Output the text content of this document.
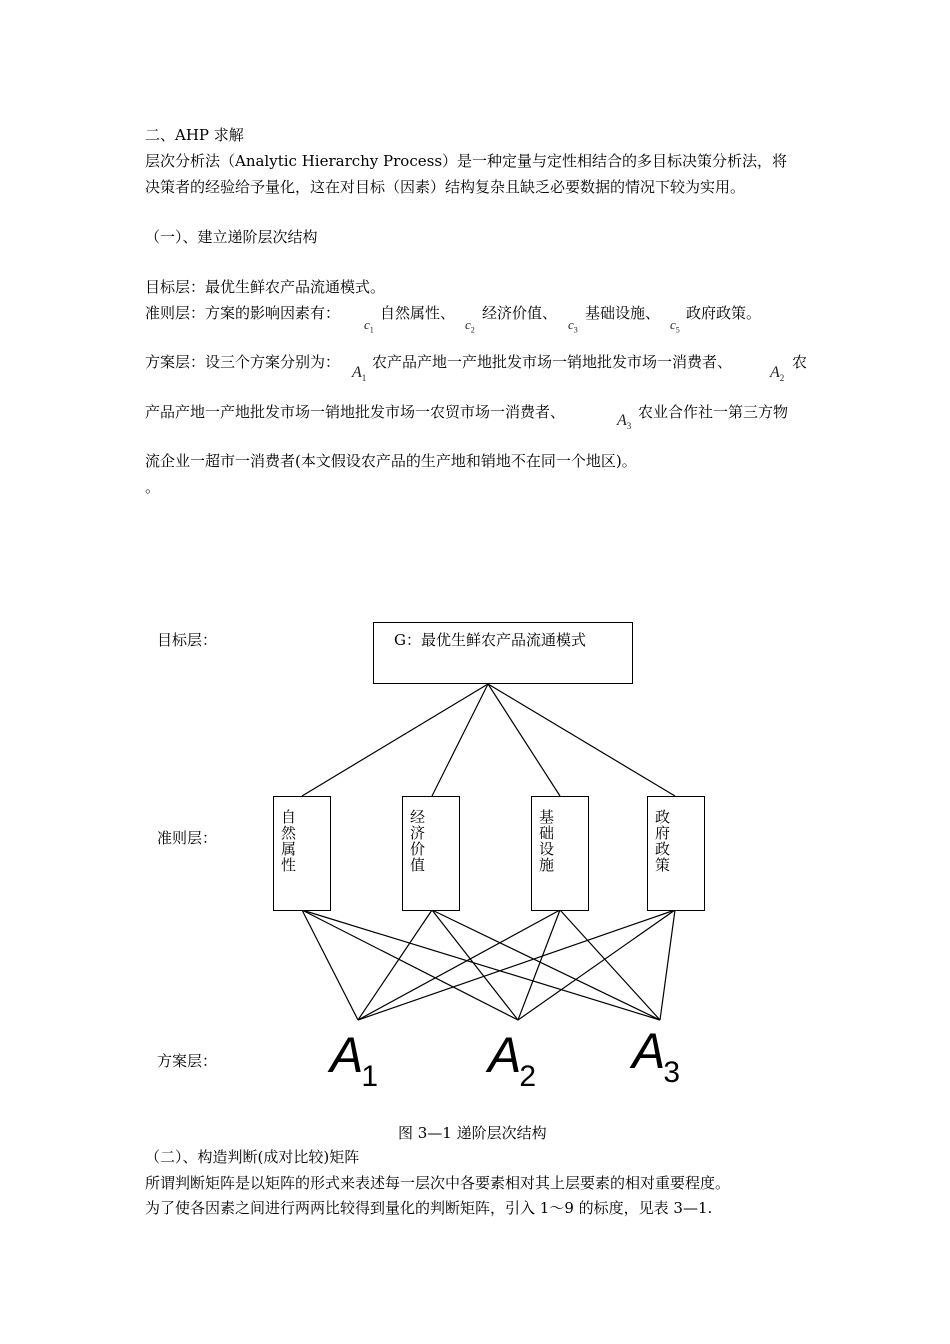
二、AHP 求解
层次分析法（Analytic Hierarchy Process）是一种定量与定性相结合的多目标决策分析法，将
决策者的经验给予量化，这在对目标（因素）结构复杂且缺乏必要数据的情况下较为实用。
（一）、建立递阶层次结构
目标层：最优生鲜农产品流通模式。
准则层：方案的影响因素有：
$c_1$
自然属性、
$c_2$
经济价值、
$c_3$
基础设施、
$c_5$
政府政策。
方案层：设三个方案分别为：
$A_1$
农产品产地一产地批发市场一销地批发市场一消费者、
$A_2$
农
产品产地一产地批发市场一销地批发市场一农贸市场一消费者、	$A_3$
农业合作社一第三方物
流企业一超市一消费者(本文假设农产品的生产地和销地不在同一个地区)。
。
目标层：
准则层：
方案层：
G：最优生鲜农产品流通模式
自然属性
经济价值
基础设施
政府政策
$A_1$ $A_2$ $A_3$
图 3—1 递阶层次结构
（二）、构造判断(成对比较)矩阵
所谓判断矩阵是以矩阵的形式来表述每一层次中各要素相对其上层要素的相对重要程度。
为了使各因素之间进行两两比较得到量化的判断矩阵，引入 1～9 的标度，见表 3—1.
